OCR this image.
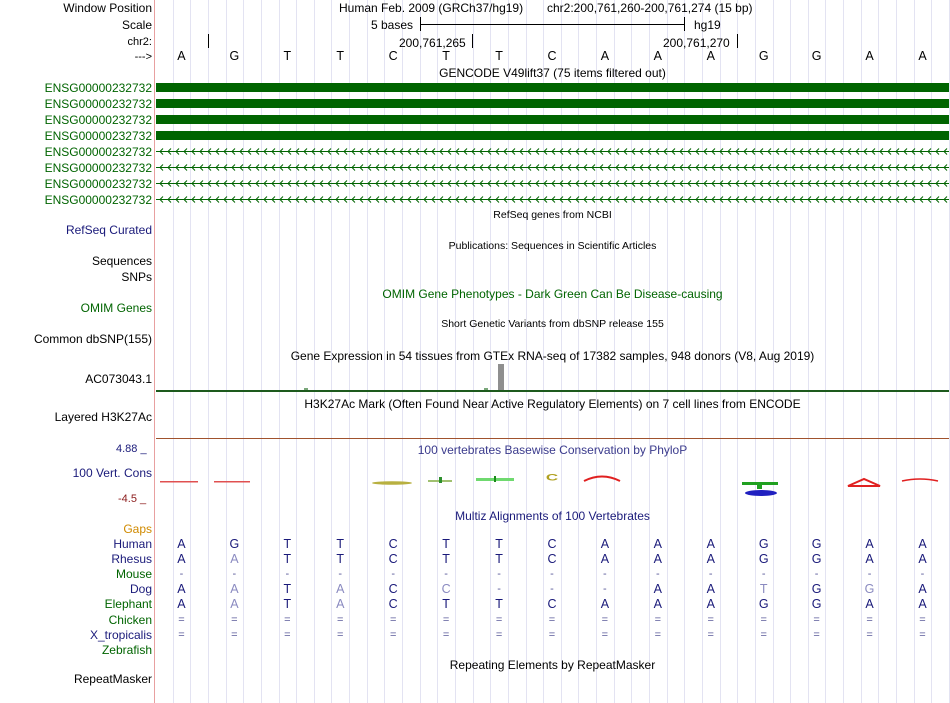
Window Position
Scale
chr2:
--->
Human Feb. 2009 (GRCh37/hg19) chr2:200,761,260-200,761,274 (15 bp)
5 bases	hg19
200,761,265	200,761,270
A	G	T	T	C	T	T	C	A	A	A	G	G	A	A
GENCODE V49lift37 (75 items filtered out)
ENSG00000232732
ENSG00000232732
ENSG00000232732
ENSG00000232732
ENSG00000232732
ENSG00000232732
ENSG00000232732
ENSG00000232732
RefSeq genes from NCBI
RefSeq Curated
Publications: Sequences in Scientific Articles
Sequences
SNPs
OMIM Gene Phenotypes - Dark Green Can Be Disease-causing
OMIM Genes
Short Genetic Variants from dbSNP release 155
Common dbSNP(155)
Gene Expression in 54 tissues from GTEx RNA-seq of 17382 samples, 948 donors (V8, Aug 2019)
AC073043.1
H3K27Ac Mark (Often Found Near Active Regulatory Elements) on 7 cell lines from ENCODE
Layered H3K27Ac
100 vertebrates Basewise Conservation by PhyloP
4.88 _
100 Vert. Cons
-4.5 _
C
Multiz Alignments of 100 Vertebrates
Gaps
Human A	G	T	T	C	T	T	C	A	A	A	G	G	A	A
Rhesus A	A	T	T	C	T	T	C	A	A	A	G	G	A	A
Mouse	-	-	-	-	-	-	-	-	-	-	-	-	-	-	-
Dog A	A	T	A	C	C	-	-	-	A	A	T	G	G	A
Elephant A	A	T	A	C	T	T	C	A	A	A	G	G	A	A
Chicken	=	=	=	=	=	=	=	=	=	=	=	=	=	=	=
X_tropicalis	=	=	=	=	=	=	=	=	=	=	=	=	=	=	=
Zebrafish
Repeating Elements by RepeatMasker
RepeatMasker
